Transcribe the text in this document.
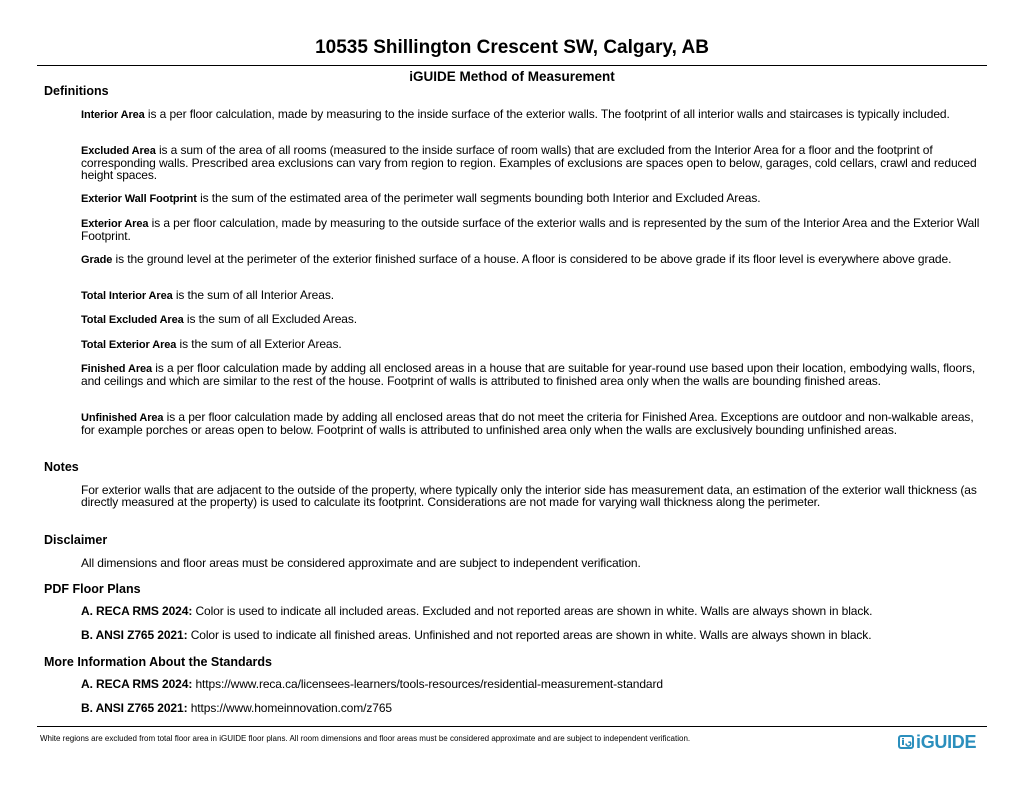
10535 Shillington Crescent SW, Calgary, AB
iGUIDE Method of Measurement
Definitions
Interior Area is a per floor calculation, made by measuring to the inside surface of the exterior walls. The footprint of all interior walls and staircases is typically included.
Excluded Area is a sum of the area of all rooms (measured to the inside surface of room walls) that are excluded from the Interior Area for a floor and the footprint of corresponding walls. Prescribed area exclusions can vary from region to region. Examples of exclusions are spaces open to below, garages, cold cellars, crawl and reduced height spaces.
Exterior Wall Footprint is the sum of the estimated area of the perimeter wall segments bounding both Interior and Excluded Areas.
Exterior Area is a per floor calculation, made by measuring to the outside surface of the exterior walls and is represented by the sum of the Interior Area and the Exterior Wall Footprint.
Grade is the ground level at the perimeter of the exterior finished surface of a house. A floor is considered to be above grade if its floor level is everywhere above grade.
Total Interior Area is the sum of all Interior Areas.
Total Excluded Area is the sum of all Excluded Areas.
Total Exterior Area is the sum of all Exterior Areas.
Finished Area is a per floor calculation made by adding all enclosed areas in a house that are suitable for year-round use based upon their location, embodying walls, floors, and ceilings and which are similar to the rest of the house. Footprint of walls is attributed to finished area only when the walls are bounding finished areas.
Unfinished Area is a per floor calculation made by adding all enclosed areas that do not meet the criteria for Finished Area. Exceptions are outdoor and non-walkable areas, for example porches or areas open to below. Footprint of walls is attributed to unfinished area only when the walls are exclusively bounding unfinished areas.
Notes
For exterior walls that are adjacent to the outside of the property, where typically only the interior side has measurement data, an estimation of the exterior wall thickness (as directly measured at the property) is used to calculate its footprint. Considerations are not made for varying wall thickness along the perimeter.
Disclaimer
All dimensions and floor areas must be considered approximate and are subject to independent verification.
PDF Floor Plans
A. RECA RMS 2024: Color is used to indicate all included areas. Excluded and not reported areas are shown in white. Walls are always shown in black.
B. ANSI Z765 2021: Color is used to indicate all finished areas. Unfinished and not reported areas are shown in white. Walls are always shown in black.
More Information About the Standards
A. RECA RMS 2024: https://www.reca.ca/licensees-learners/tools-resources/residential-measurement-standard
B. ANSI Z765 2021: https://www.homeinnovation.com/z765
White regions are excluded from total floor area in iGUIDE floor plans. All room dimensions and floor areas must be considered approximate and are subject to independent verification.	iGUIDE
